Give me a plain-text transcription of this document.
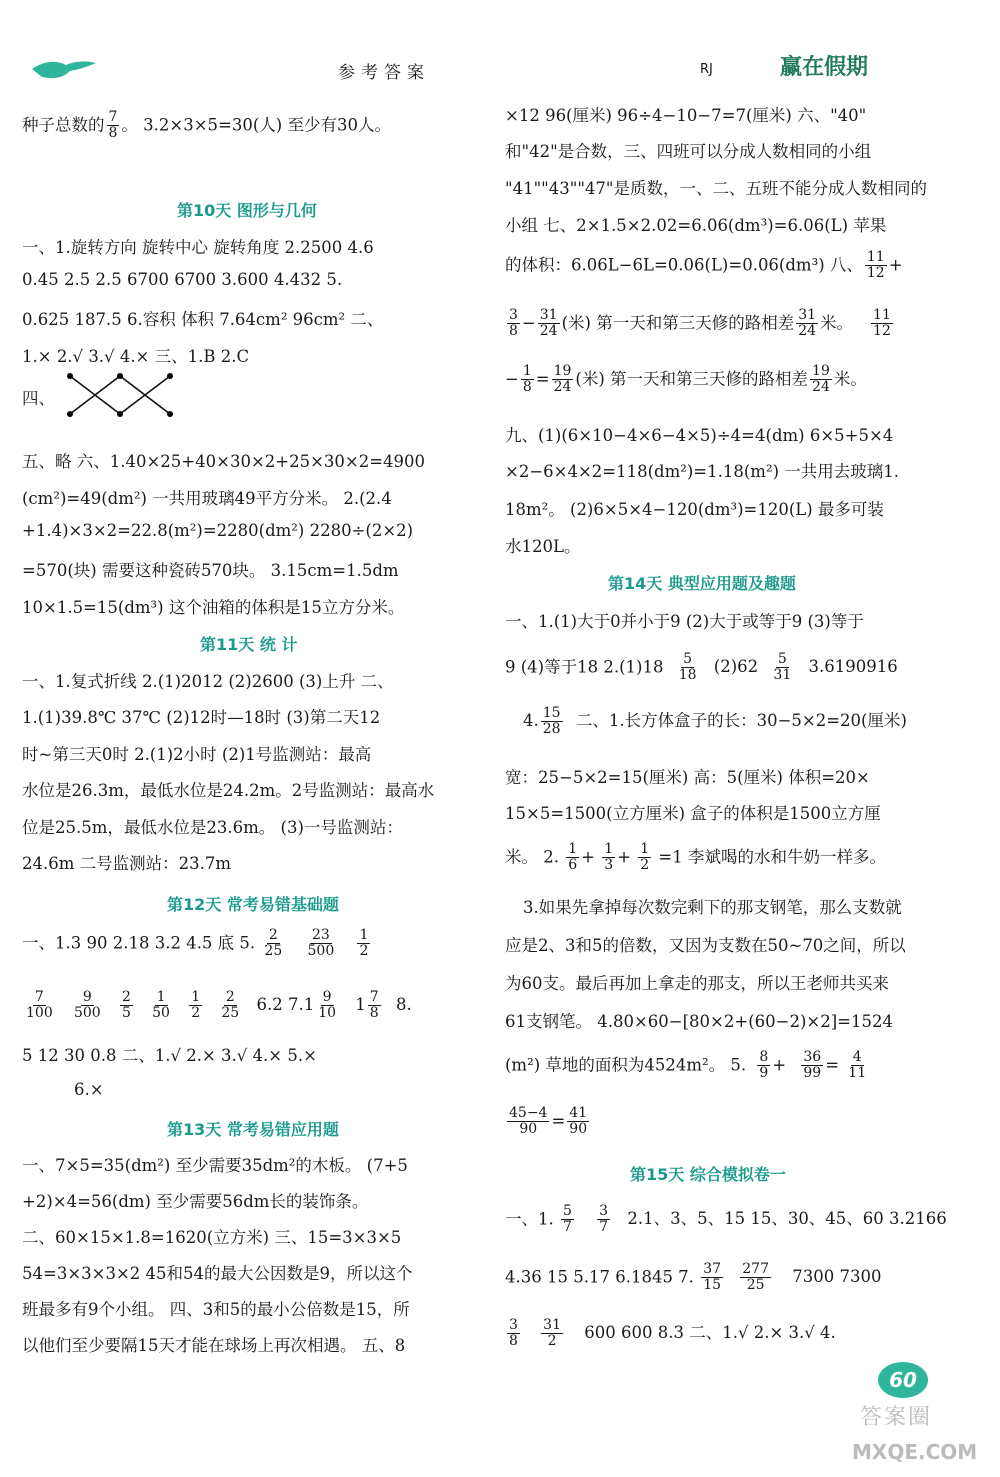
参考答案	RJ	赢在假期
种子总数的 $\frac{7}{8}$ 。 3.2×3×5=30(人) 至少有30人。
第10天 图形与几何
一、1.旋转方向 旋转中心 旋转角度 2.2500 4.6
0.45 2.5 2.5 6700 6700 3.600 4.432 5.
0.625 187.5 6.容积 体积 7.64cm² 96cm² 二、
1.× 2.√ 3.√ 4.× 三、1.B 2.C
四、
五、略 六、1.40×25+40×30×2+25×30×2=4900
(cm²)=49(dm²) 一共用玻璃49平方分米。 2.(2.4
+1.4)×3×2=22.8(m²)=2280(dm²) 2280÷(2×2)
=570(块) 需要这种瓷砖570块。 3.15cm=1.5dm
10×1.5=15(dm³) 这个油箱的体积是15立方分米。
第11天 统 计
一、1.复式折线 2.(1)2012 (2)2600 (3)上升 二、
1.(1)39.8℃ 37℃ (2)12时—18时 (3)第二天12
时~第三天0时 2.(1)2小时 (2)1号监测站：最高
水位是26.3m，最低水位是24.2m。2号监测站：最高水
位是25.5m，最低水位是23.6m。 (3)一号监测站：
24.6m 二号监测站：23.7m
第12天 常考易错基础题
一、1.3 90 2.18 3.2 4.5 底 5. $\frac{2}{25}$
$\frac{23}{500}$
$\frac{1}{2}$
$\frac{7}{100}$
$\frac{9}{500}$
$\frac{2}{5}$
$\frac{1}{50}$
$\frac{1}{2}$
$\frac{2}{25} 6.2$ $7.1 \frac{9}{10} 1 \frac{7}{8} 8$.
5 12 30 0.8 二、1.√ 2.× 3.√ 4.× 5.×
6.×
第13天 常考易错应用题
一、7×5=35(dm²) 至少需要35dm²的木板。 (7+5
+2)×4=56(dm) 至少需要56dm长的装饰条。
二、60×15×1.8=1620(立方米) 三、15=3×3×5
54=3×3×3×2 45和54的最大公因数是9，所以这个
班最多有9个小组。 四、3和5的最小公倍数是15，所
以他们至少要隔15天才能在球场上再次相遇。 五、8
×12 96(厘米) 96÷4−10−7=7(厘米) 六、"40"
和"42"是合数，三、四班可以分成人数相同的小组
"41""43""47"是质数，一、二、五班不能分成人数相同的
小组 七、2×1.5×2.02=6.06(dm³)=6.06(L) 苹果
的体积：6.06L−6L=0.06(L)=0.06(dm³) 八、 $\frac{11}{12}$ +
$\frac{3}{8} - \frac{31}{24}$ (米) 第一天和第三天修的路相差 $\frac{31}{24}$ 米。 $\frac{11}{12}$
− $\frac{1}{8} = \frac{19}{24}$ (米) 第一天和第三天修的路相差 $\frac{19}{24}$ 米。
九、(1)(6×10−4×6−4×5)÷4=4(dm) 6×5+5×4
×2−6×4×2=118(dm²)=1.18(m²) 一共用去玻璃1.
18m²。 (2)6×5×4−120(dm³)=120(L) 最多可装
水120L。
第14天 典型应用题及趣题
一、1.(1)大于0并小于9 (2)大于或等于9 (3)等于
9 (4)等于18 $2.(1)18 \frac{5}{18} (2)62 \frac{5}{31} 3.6190916$
4. $\frac{15}{28}$ 二、1.长方体盒子的长：30−5×2=20(厘米)
宽：25−5×2=15(厘米) 高：5(厘米) 体积=20×
15×5=1500(立方厘米) 盒子的体积是1500立方厘
米。 2. $\frac{1}{6} + \frac{1}{3} + \frac{1}{2} =1$ 李斌喝的水和牛奶一样多。
3.如果先拿掉每次数完剩下的那支钢笔，那么支数就
应是2、3和5的倍数，又因为支数在50~70之间，所以
为60支。最后再加上拿走的那支，所以王老师共买来
61支钢笔。 4.80×60−[80×2+(60−2)×2]=1524
(m²) 草地的面积为4524m²。 5. $\frac{8}{9} + \frac{36}{99} = \frac{4}{11}$
$\frac{45-4}{90} = \frac{41}{90}$
第15天 综合模拟卷一
一、1. $\frac{5}{7}$
$\frac{3}{7} 2.1$、3、5、15 15、30、45、60 3.2166
4.36 15 5.17 6.1845 7. $\frac{37}{15}$
$\frac{277}{25} 7300$ 7300
$\frac{3}{8}$
$\frac{31}{2} 600$ 600 8.3 二、1.√ 2.× 3.√ 4.
60
答案圈
MXQE.COM
